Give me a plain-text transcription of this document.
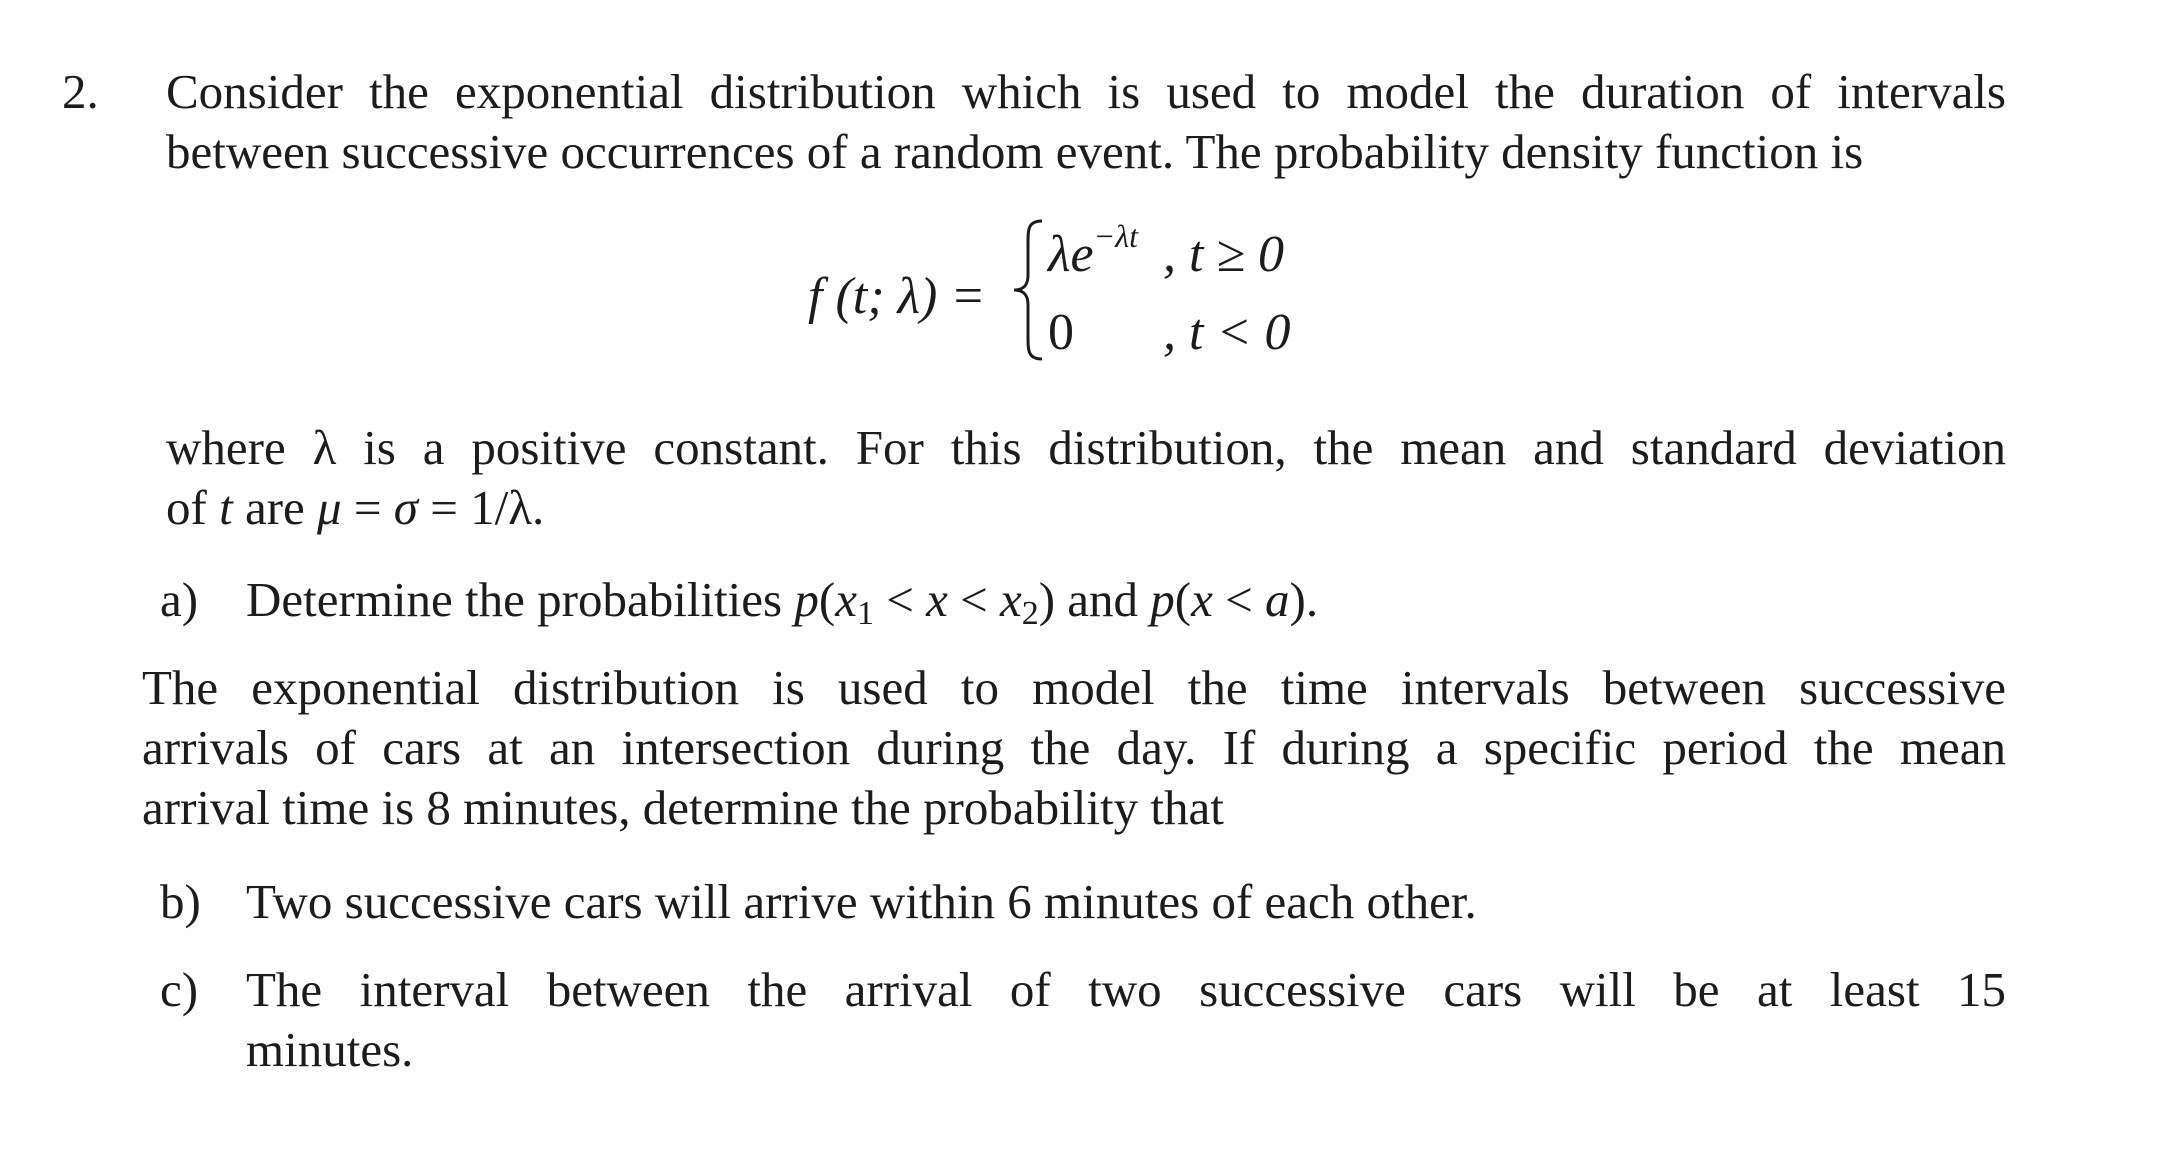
2. Consider the exponential distribution which is used to model the duration of intervals
between successive occurrences of a random event. The probability density function is
f (t; λ) =
$\lambda e^{-\lambda t}$ , t ≥ 0
0 , t < 0
where λ is a positive constant. For this distribution, the mean and standard deviation
of t are μ = σ = 1/λ.
a) Determine the probabilities p(x1 < x < x2) and p(x < a).
The exponential distribution is used to model the time intervals between successive
arrivals of cars at an intersection during the day. If during a specific period the mean
arrival time is 8 minutes, determine the probability that
b) Two successive cars will arrive within 6 minutes of each other.
c) The interval between the arrival of two successive cars will be at least 15
minutes.
